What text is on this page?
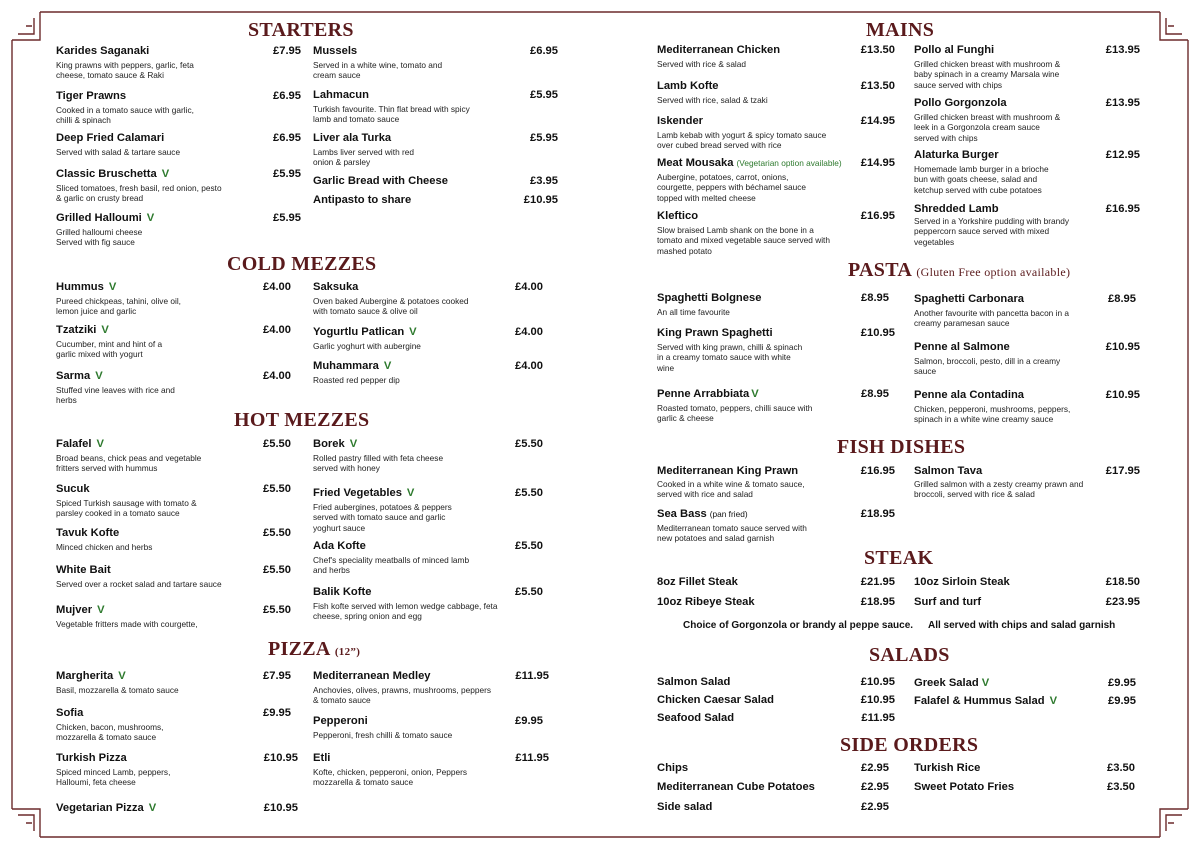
STARTERS
Karides Saganaki	£7.95
King prawns with peppers, garlic, feta cheese, tomato sauce & Raki
Tiger Prawns	£6.95
Cooked in a tomato sauce with garlic, chilli & spinach
Deep Fried Calamari	£6.95
Served with salad & tartare sauce
Classic Bruschetta V	£5.95
Sliced tomatoes, fresh basil, red onion, pesto & garlic on crusty bread
Grilled Halloumi V	£5.95
Grilled halloumi cheese Served with fig sauce
Mussels	£6.95
Served in a white wine, tomato and cream sauce
Lahmacun	£5.95
Turkish favourite. Thin flat bread with spicy lamb and tomato sauce
Liver ala Turka	£5.95
Lambs liver served with red onion & parsley
Garlic Bread with Cheese	£3.95
Antipasto to share	£10.95
COLD MEZZES
Hummus V	£4.00
Pureed chickpeas, tahini, olive oil, lemon juice and garlic
Tzatziki V	£4.00
Cucumber, mint and hint of a garlic mixed with yogurt
Sarma V	£4.00
Stuffed vine leaves with rice and herbs
Saksuka	£4.00
Oven baked Aubergine & potatoes cooked with tomato sauce & olive oil
Yogurtlu Patlican V	£4.00
Garlic yoghurt with aubergine
Muhammara V	£4.00
Roasted red pepper dip
HOT MEZZES
Falafel V	£5.50
Broad beans, chick peas and vegetable fritters served with hummus
Sucuk	£5.50
Spiced Turkish sausage with tomato & parsley cooked in a tomato sauce
Tavuk Kofte	£5.50
Minced chicken and herbs
White Bait	£5.50
Served over a rocket salad and tartare sauce
Mujver V	£5.50
Vegetable fritters made with courgette,
Borek V	£5.50
Rolled pastry filled with feta cheese served with honey
Fried Vegetables V	£5.50
Fried aubergines, potatoes & peppers served with tomato sauce and garlic yoghurt sauce
Ada Kofte	£5.50
Chef's speciality meatballs of minced lamb and herbs
Balik Kofte	£5.50
Fish kofte served with lemon wedge cabbage, feta cheese, spring onion and egg
PIZZA (12”)
Margherita V	£7.95
Basil, mozzarella & tomato sauce
Sofia	£9.95
Chicken, bacon, mushrooms, mozzarella & tomato sauce
Turkish Pizza	£10.95
Spiced minced Lamb, peppers, Halloumi, feta cheese
Vegetarian Pizza V	£10.95
Mediterranean Medley	£11.95
Anchovies, olives, prawns, mushrooms, peppers & tomato sauce
Pepperoni	£9.95
Pepperoni, fresh chilli & tomato sauce
Etli	£11.95
Kofte, chicken, pepperoni, onion, Peppers mozzarella & tomato sauce
MAINS
Mediterranean Chicken	£13.50
Served with rice & salad
Lamb Kofte	£13.50
Served with rice, salad & tzaki
Iskender	£14.95
Lamb kebab with yogurt & spicy tomato sauce over cubed bread served with rice
Meat Mousaka (Vegetarian option available)	£14.95
Aubergine, potatoes, carrot, onions, courgette, peppers with béchamel sauce topped with melted cheese
Kleftico	£16.95
Slow braised Lamb shank on the bone in a tomato and mixed vegetable sauce served with mashed potato
Pollo al Funghi	£13.95
Grilled chicken breast with mushroom & baby spinach in a creamy Marsala wine sauce served with chips
Pollo Gorgonzola	£13.95
Grilled chicken breast with mushroom & leek in a Gorgonzola cream sauce served with chips
Alaturka Burger	£12.95
Homemade lamb burger in a brioche bun with goats cheese, salad and ketchup served with cube potatoes
Shredded Lamb	£16.95
Served in a Yorkshire pudding with brandy peppercorn sauce served with mixed vegetables
PASTA (Gluten Free option available)
Spaghetti Bolgnese	£8.95
An all time favourite
King Prawn Spaghetti	£10.95
Served with king prawn, chilli & spinach in a creamy tomato sauce with white wine
Penne Arrabbiata V	£8.95
Roasted tomato, peppers, chilli sauce with garlic & cheese
Spaghetti Carbonara	£8.95
Another favourite with pancetta bacon in a creamy paramesan sauce
Penne al Salmone	£10.95
Salmon, broccoli, pesto, dill in a creamy sauce
Penne ala Contadina	£10.95
Chicken, pepperoni, mushrooms, peppers, spinach in a white wine creamy sauce
FISH DISHES
Mediterranean King Prawn	£16.95
Cooked in a white wine & tomato sauce, served with rice and salad
Sea Bass (pan fried)	£18.95
Mediterranean tomato sauce served with new potatoes and salad garnish
Salmon Tava	£17.95
Grilled salmon with a zesty creamy prawn and broccoli, served with rice & salad
STEAK
8oz Fillet Steak	£21.95
10oz Ribeye Steak	£18.95
10oz Sirloin Steak	£18.50
Surf and turf	£23.95
Choice of Gorgonzola or brandy al peppe sauce. All served with chips and salad garnish
SALADS
Salmon Salad	£10.95
Chicken Caesar Salad	£10.95
Seafood Salad	£11.95
Greek Salad V	£9.95
Falafel & Hummus Salad V	£9.95
SIDE ORDERS
Chips	£2.95
Mediterranean Cube Potatoes	£2.95
Side salad	£2.95
Turkish Rice	£3.50
Sweet Potato Fries	£3.50
